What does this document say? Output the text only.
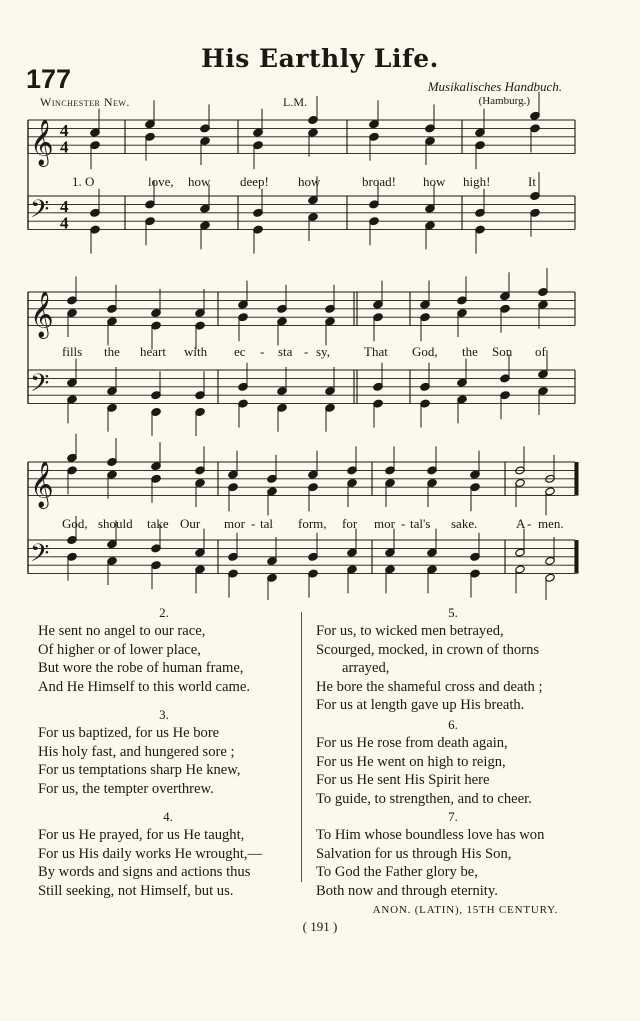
His Earthly Life.
177	Musikalisches Handbuch.
(Hamburg.)
Winchester New.	L.M.
𝄞 4
4
𝄢 4
4
𝄞
𝄢
𝄞
𝄢
1. O	love, how deep! how	broad! how high!	It
fills the heart with ec - sta - sy,	That God, the Son of
God, should take Our mor - tal form, for mor - tal's sake.	A - men.
2.
He sent no angel to our race,
Of higher or of lower place,
But wore the robe of human frame,
And He Himself to this world came.
3.
For us baptized, for us He bore
His holy fast, and hungered sore ;
For us temptations sharp He knew,
For us, the tempter overthrew.
4.
For us He prayed, for us He taught,
For us His daily works He wrought,—
By words and signs and actions thus
Still seeking, not Himself, but us.
5.
For us, to wicked men betrayed,
Scourged, mocked, in crown of thorns
arrayed,
He bore the shameful cross and death ;
For us at length gave up His breath.
6.
For us He rose from death again,
For us He went on high to reign,
For us He sent His Spirit here
To guide, to strengthen, and to cheer.
7.
To Him whose boundless love has won
Salvation for us through His Son,
To God the Father glory be,
Both now and through eternity.
ANON. (LATIN), 15TH CENTURY.
( 191 )
